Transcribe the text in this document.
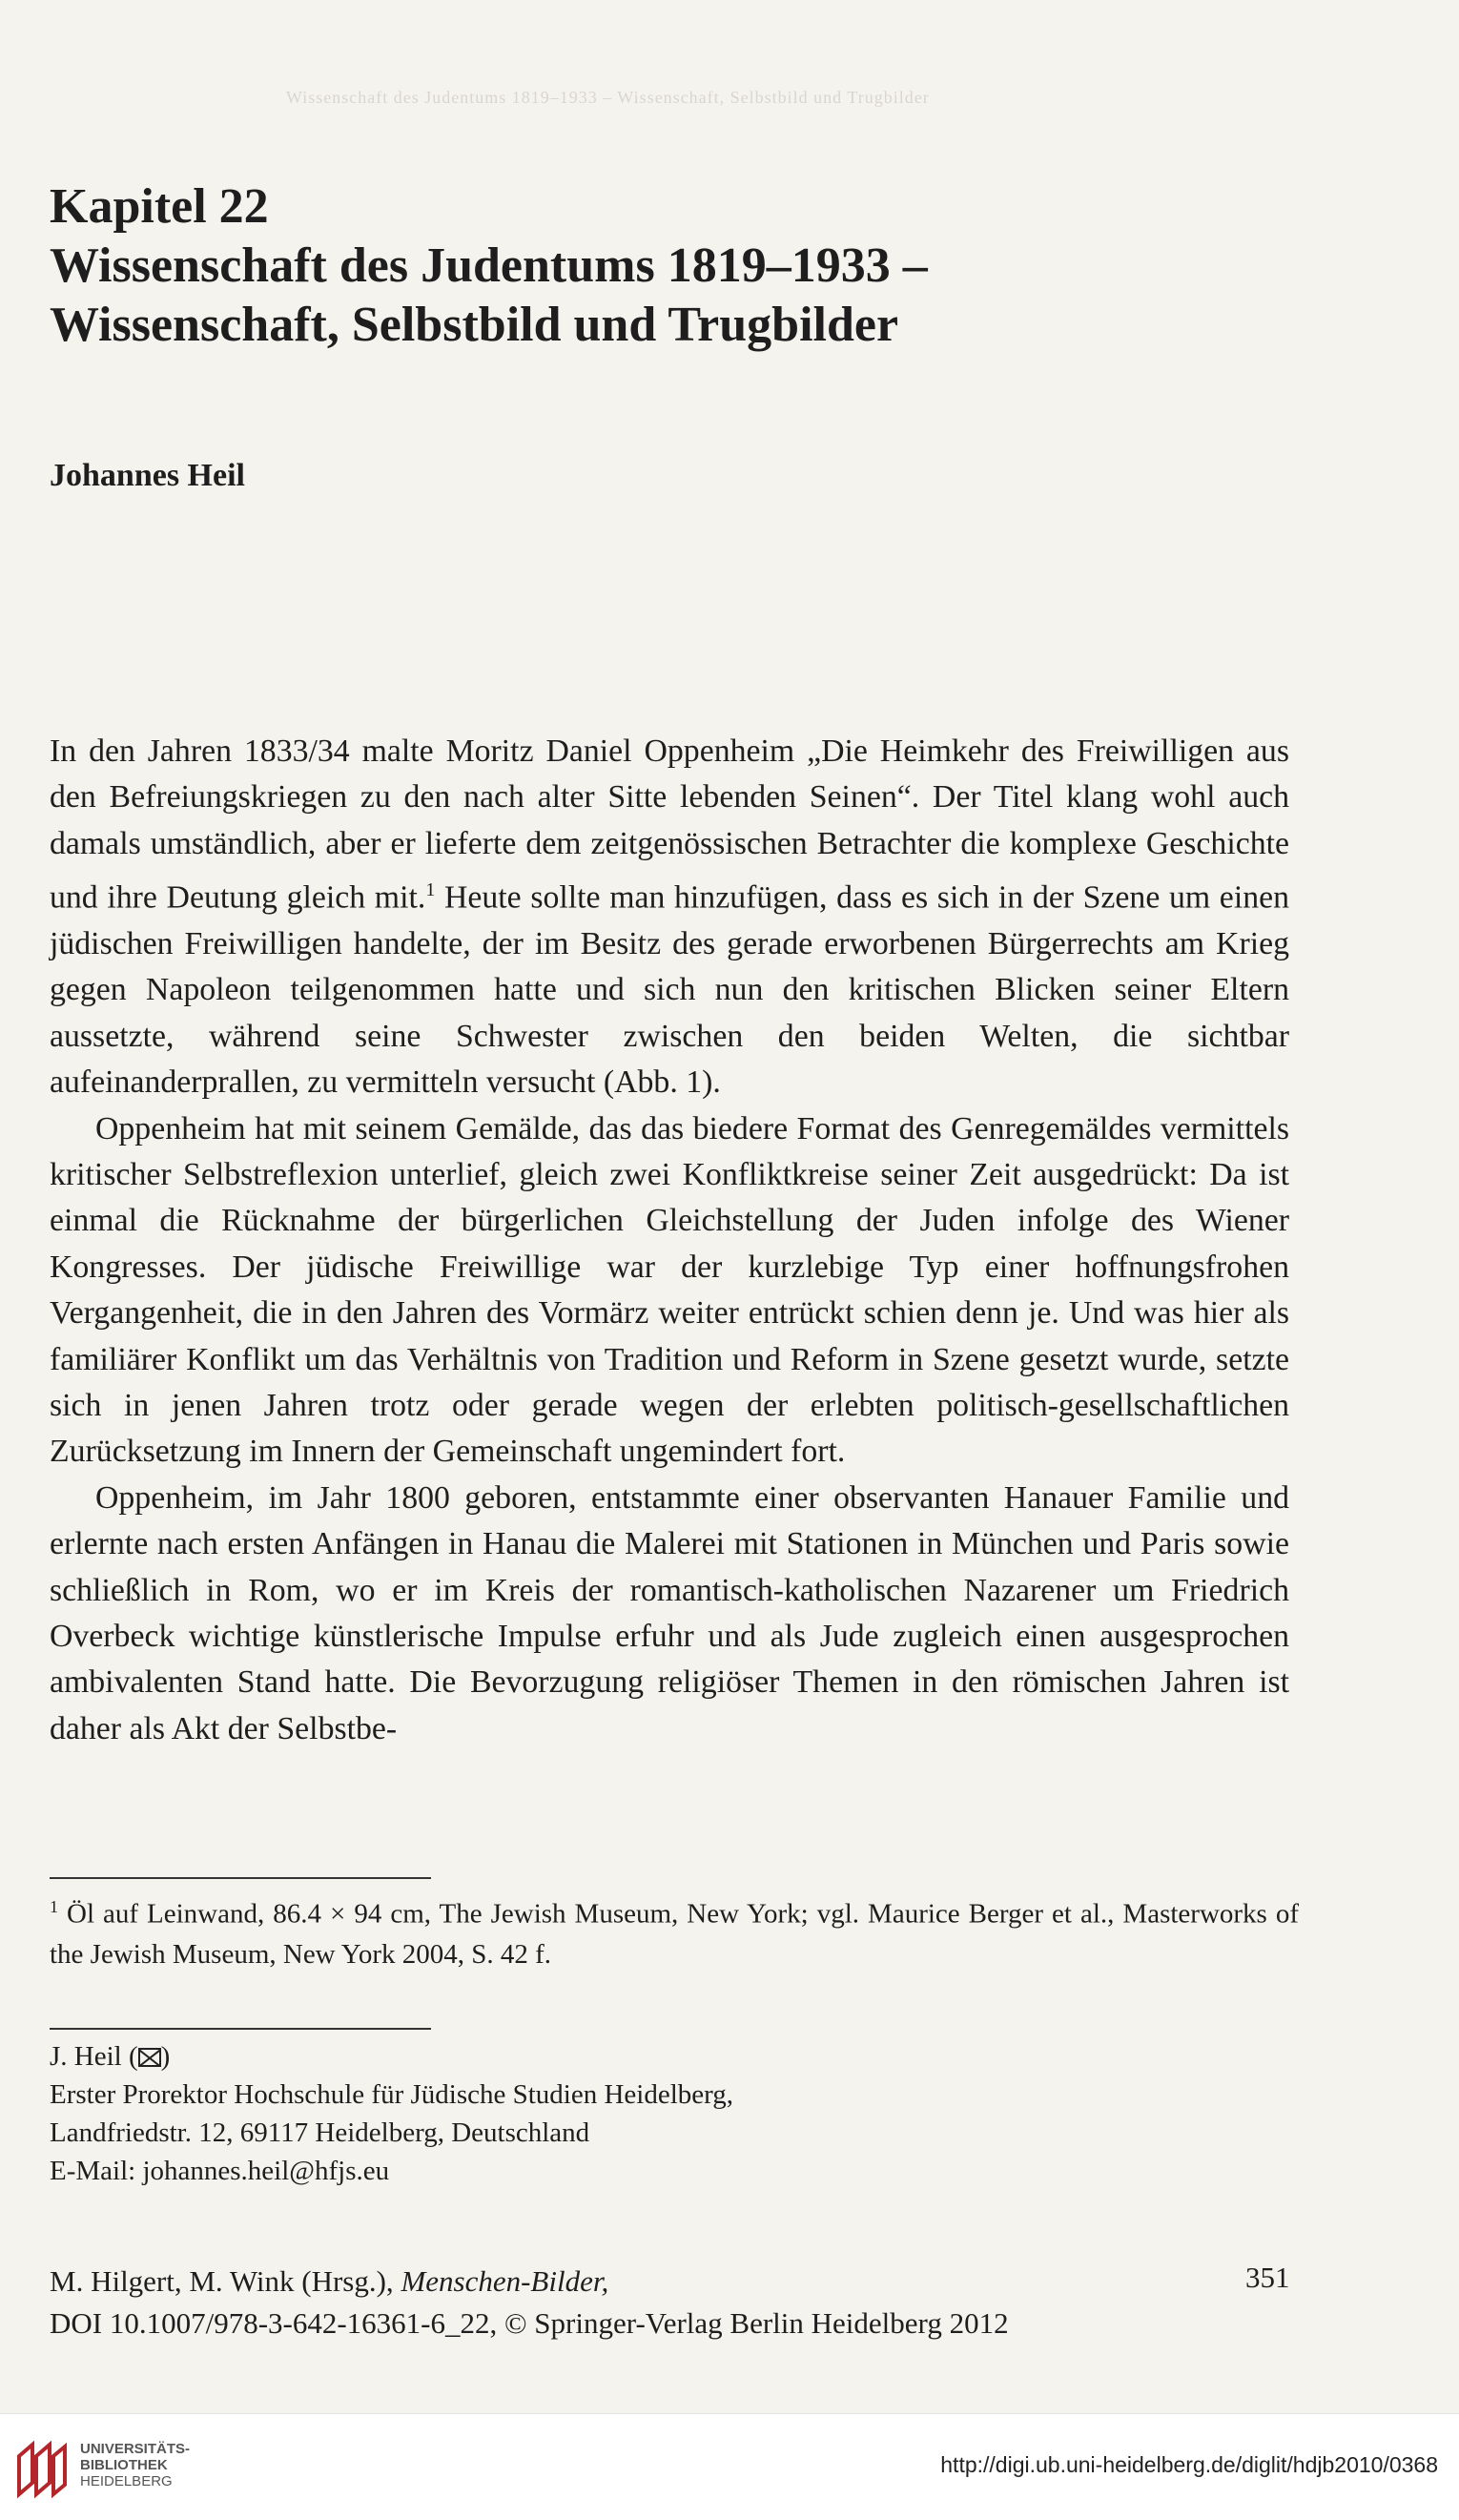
Wissenschaft des Judentums 1819–1933 – Wissenschaft, Selbstbild und Trugbilder
Kapitel 22
Wissenschaft des Judentums 1819–1933 –
Wissenschaft, Selbstbild und Trugbilder
Johannes Heil

In den Jahren 1833/34 malte Moritz Daniel Oppenheim „Die Heimkehr des Freiwilligen aus den Befreiungskriegen zu den nach alter Sitte lebenden Seinen“. Der Titel klang wohl auch damals umständlich, aber er lieferte dem zeitgenössischen Betrachter die komplexe Geschichte und ihre Deutung gleich mit.$^1$ Heute sollte man hinzufügen, dass es sich in der Szene um einen jüdischen Freiwilligen handelte, der im Besitz des gerade erworbenen Bürgerrechts am Krieg gegen Napoleon teilgenommen hatte und sich nun den kritischen Blicken seiner Eltern aussetzte, während seine Schwester zwischen den beiden Welten, die sichtbar aufeinanderprallen, zu vermitteln versucht (Abb. 1).

Oppenheim hat mit seinem Gemälde, das das biedere Format des Genregemäldes vermittels kritischer Selbstreflexion unterlief, gleich zwei Konfliktkreise seiner Zeit ausgedrückt: Da ist einmal die Rücknahme der bürgerlichen Gleichstellung der Juden infolge des Wiener Kongresses. Der jüdische Freiwillige war der kurzlebige Typ einer hoffnungsfrohen Vergangenheit, die in den Jahren des Vormärz weiter entrückt schien denn je. Und was hier als familiärer Konflikt um das Verhältnis von Tradition und Reform in Szene gesetzt wurde, setzte sich in jenen Jahren trotz oder gerade wegen der erlebten politisch-gesellschaftlichen Zurücksetzung im Innern der Gemeinschaft ungemindert fort.

Oppenheim, im Jahr 1800 geboren, entstammte einer observanten Hanauer Familie und erlernte nach ersten Anfängen in Hanau die Malerei mit Stationen in München und Paris sowie schließlich in Rom, wo er im Kreis der romantisch-katholischen Nazarener um Friedrich Overbeck wichtige künstlerische Impulse erfuhr und als Jude zugleich einen ausgesprochen ambivalenten Stand hatte. Die Bevorzugung religiöser Themen in den römischen Jahren ist daher als Akt der Selbstbe-

$^1$ Öl auf Leinwand, 86.4 × 94 cm, The Jewish Museum, New York; vgl. Maurice Berger et al., Masterworks of the Jewish Museum, New York 2004, S. 42 f.
J. Heil ( )
Erster Prorektor Hochschule für Jüdische Studien Heidelberg,
Landfriedstr. 12, 69117 Heidelberg, Deutschland
E-Mail: johannes.heil@hfjs.eu
M. Hilgert, M. Wink (Hrsg.), Menschen-Bilder,
DOI 10.1007/978-3-642-16361-6_22, © Springer-Verlag Berlin Heidelberg 2012
351
UNIVERSITÄTS-
BIBLIOTHEK
HEIDELBERG
http://digi.ub.uni-heidelberg.de/diglit/hdjb2010/0368
